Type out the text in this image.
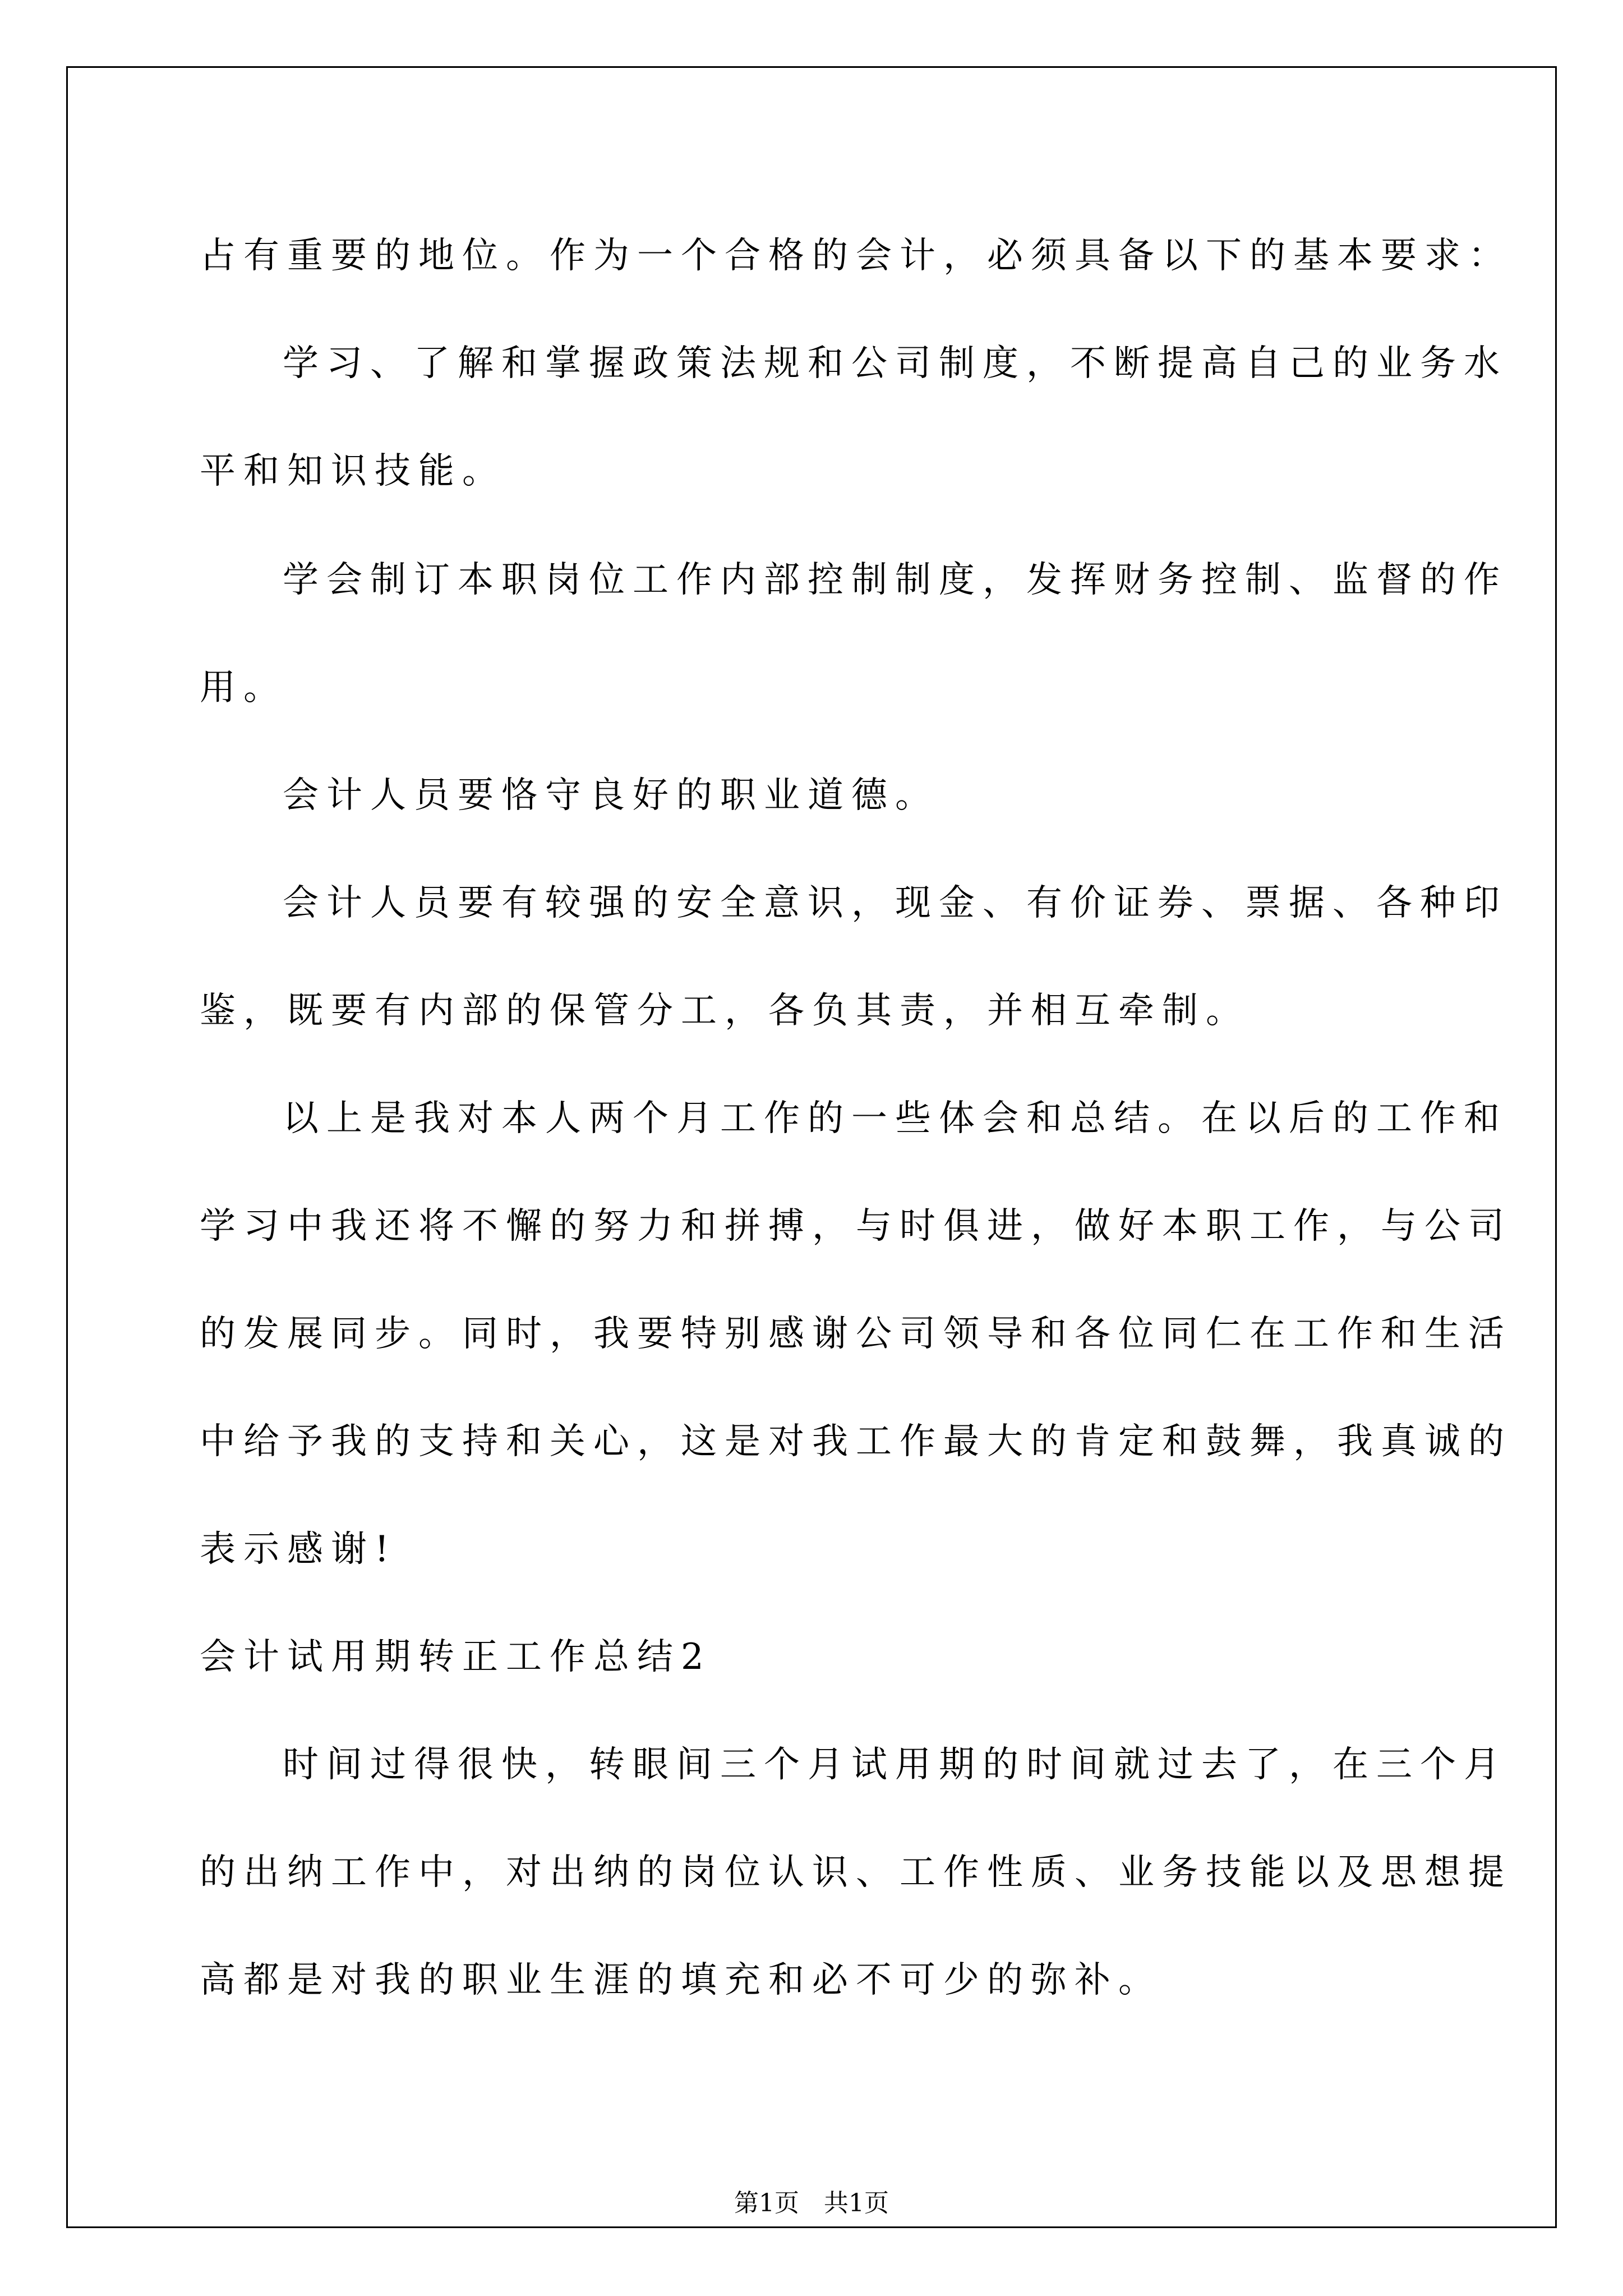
占有重要的地位。作为一个合格的会计，必须具备以下的基本要求：
学习、了解和掌握政策法规和公司制度，不断提高自己的业务水
平和知识技能。
学会制订本职岗位工作内部控制制度，发挥财务控制、监督的作
用。
会计人员要恪守良好的职业道德。
会计人员要有较强的安全意识，现金、有价证券、票据、各种印
鉴，既要有内部的保管分工，各负其责，并相互牵制。
以上是我对本人两个月工作的一些体会和总结。在以后的工作和
学习中我还将不懈的努力和拼搏，与时俱进，做好本职工作，与公司
的发展同步。同时，我要特别感谢公司领导和各位同仁在工作和生活
中给予我的支持和关心，这是对我工作最大的肯定和鼓舞，我真诚的
表示感谢!
会计试用期转正工作总结2
时间过得很快，转眼间三个月试用期的时间就过去了，在三个月
的出纳工作中，对出纳的岗位认识、工作性质、业务技能以及思想提
高都是对我的职业生涯的填充和必不可少的弥补。
第1页　共1页
